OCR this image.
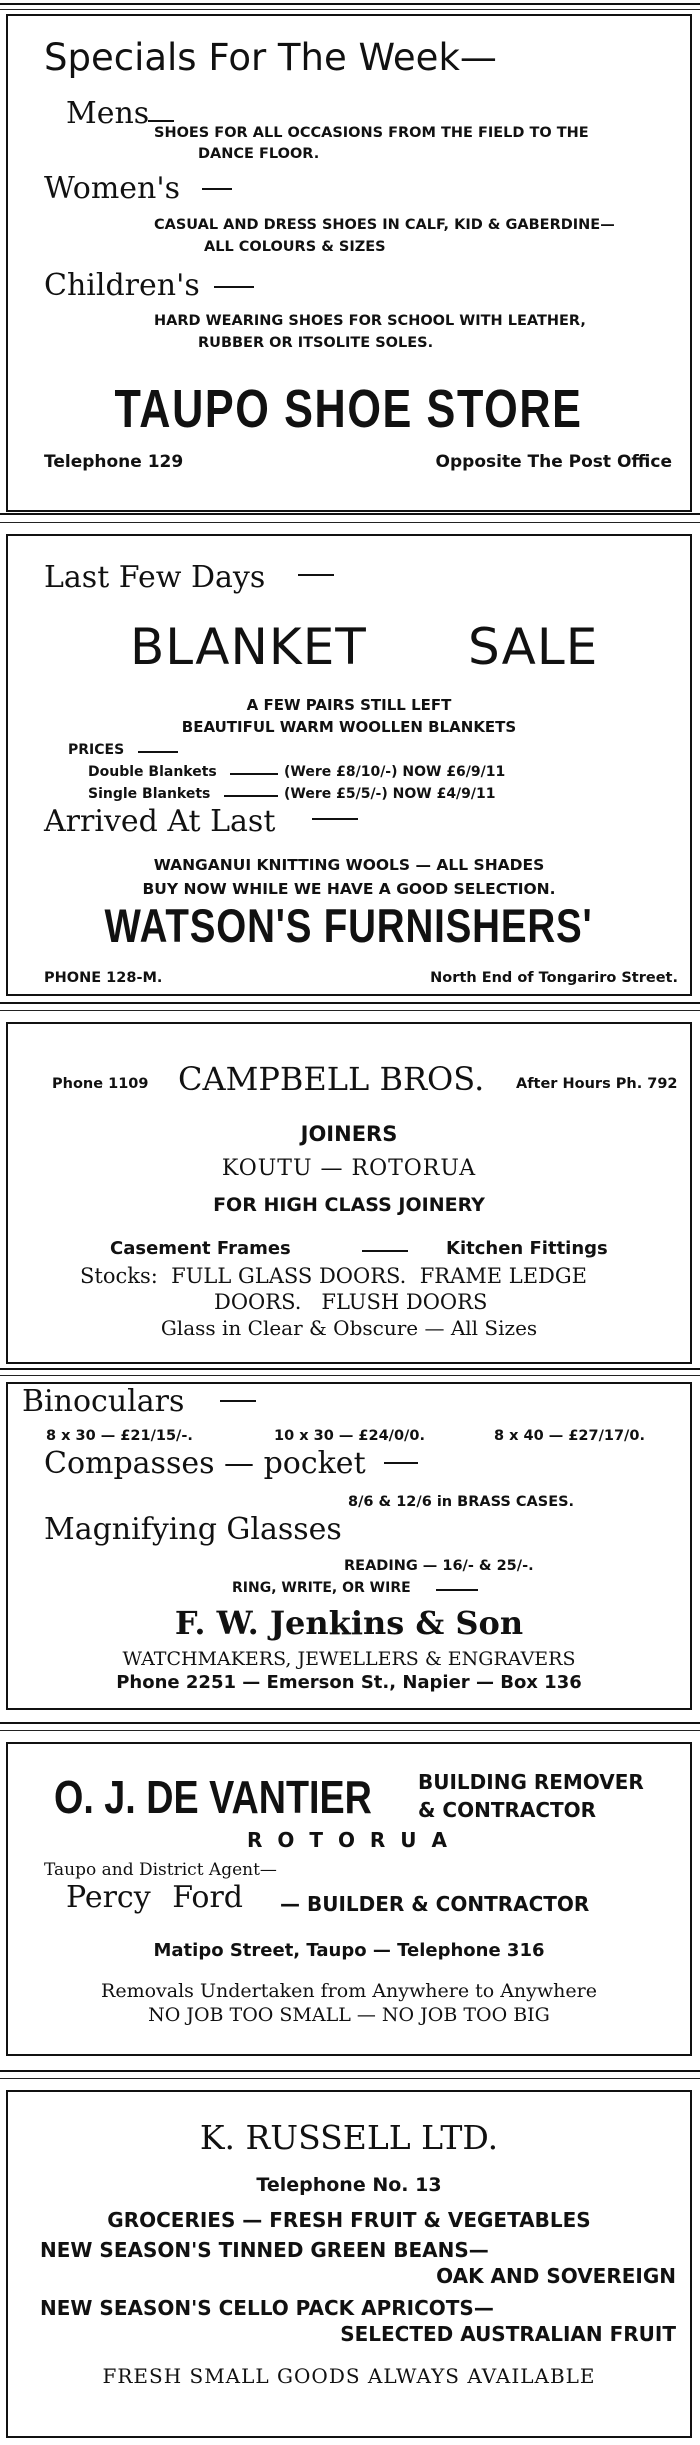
Specials For The Week—
Mens
SHOES FOR ALL OCCASIONS FROM THE FIELD TO THE
DANCE FLOOR.
Women's
CASUAL AND DRESS SHOES IN CALF, KID & GABERDINE—
ALL COLOURS & SIZES
Children's
HARD WEARING SHOES FOR SCHOOL WITH LEATHER,
RUBBER OR ITSOLITE SOLES.
TAUPO SHOE STORE
Telephone 129	Opposite The Post Office
Last Few Days
BLANKET SALE
A FEW PAIRS STILL LEFT
BEAUTIFUL WARM WOOLLEN BLANKETS
PRICES
Double Blankets	(Were £8/10/-) NOW £6/9/11
Single Blankets	(Were £5/5/-) NOW £4/9/11
Arrived At Last
WANGANUI KNITTING WOOLS — ALL SHADES
BUY NOW WHILE WE HAVE A GOOD SELECTION.
WATSON'S FURNISHERS'
PHONE 128-M.	North End of Tongariro Street.
Phone 1109 CAMPBELL BROS. After Hours Ph. 792
JOINERS
KOUTU — ROTORUA
FOR HIGH CLASS JOINERY
Casement Frames	Kitchen Fittings
Stocks:  FULL GLASS DOORS.  FRAME LEDGE
DOORS.   FLUSH DOORS
Glass in Clear & Obscure — All Sizes
Binoculars
8 x 30 — £21/15/-.	10 x 30 — £24/0/0.	8 x 40 — £27/17/0.
Compasses — pocket
8/6 & 12/6 in BRASS CASES.
Magnifying Glasses
READING — 16/- & 25/-.
RING, WRITE, OR WIRE
F. W. Jenkins & Son
WATCHMAKERS, JEWELLERS & ENGRAVERS
Phone 2251 — Emerson St., Napier — Box 136
O. J. DE VANTIER	BUILDING REMOVER
& CONTRACTOR
R O T O R U A
Taupo and District Agent—
Percy Ford — BUILDER & CONTRACTOR
Matipo Street, Taupo — Telephone 316
Removals Undertaken from Anywhere to Anywhere
NO JOB TOO SMALL — NO JOB TOO BIG
K. RUSSELL LTD.
Telephone No. 13
GROCERIES — FRESH FRUIT & VEGETABLES
NEW SEASON'S TINNED GREEN BEANS—
OAK AND SOVEREIGN
NEW SEASON'S CELLO PACK APRICOTS—
SELECTED AUSTRALIAN FRUIT
FRESH SMALL GOODS ALWAYS AVAILABLE
